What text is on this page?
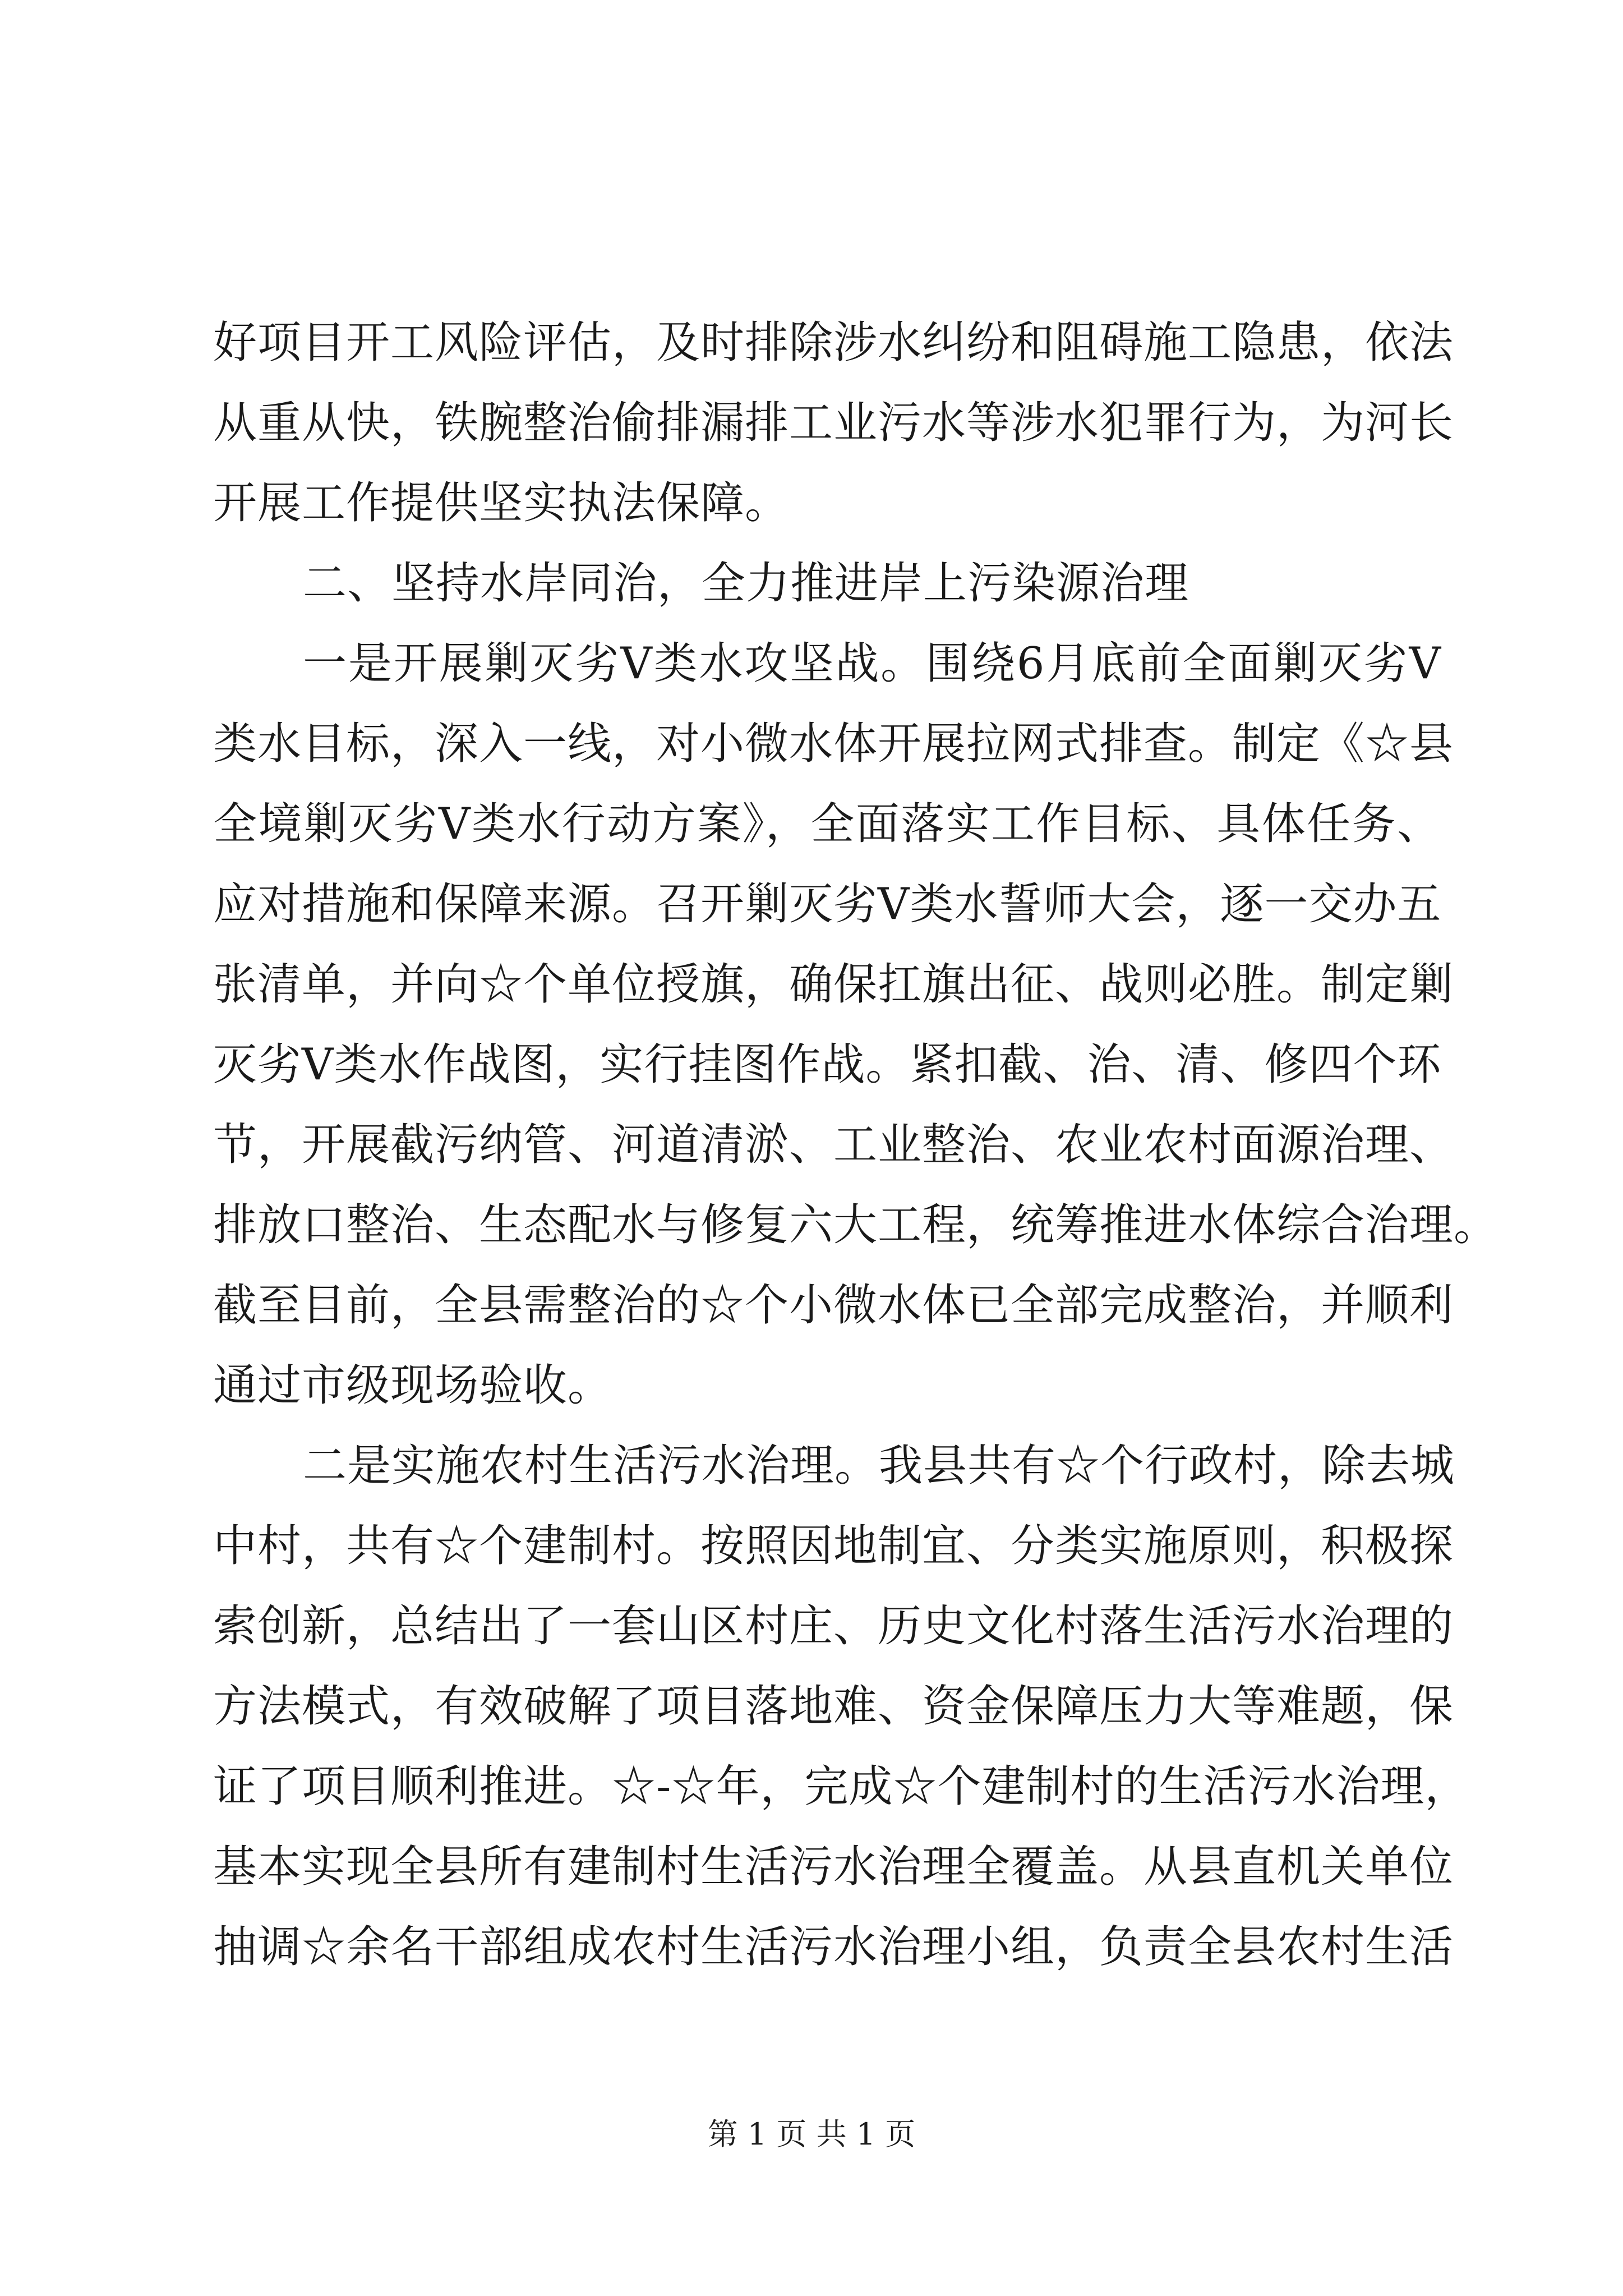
好项目开工风险评估，及时排除涉水纠纷和阻碍施工隐患，依法
从重从快，铁腕整治偷排漏排工业污水等涉水犯罪行为，为河长
开展工作提供坚实执法保障。
二、坚持水岸同治，全力推进岸上污染源治理
一是开展剿灭劣Ⅴ类水攻坚战。围绕6月底前全面剿灭劣Ⅴ
类水目标，深入一线，对小微水体开展拉网式排查。制定《☆县
全境剿灭劣Ⅴ类水行动方案》，全面落实工作目标、具体任务、
应对措施和保障来源。召开剿灭劣Ⅴ类水誓师大会，逐一交办五
张清单，并向☆个单位授旗，确保扛旗出征、战则必胜。制定剿
灭劣Ⅴ类水作战图，实行挂图作战。紧扣截、治、清、修四个环
节，开展截污纳管、河道清淤、工业整治、农业农村面源治理、
排放口整治、生态配水与修复六大工程，统筹推进水体综合治理。
截至目前，全县需整治的☆个小微水体已全部完成整治，并顺利
通过市级现场验收。
二是实施农村生活污水治理。我县共有☆个行政村，除去城
中村，共有☆个建制村。按照因地制宜、分类实施原则，积极探
索创新，总结出了一套山区村庄、历史文化村落生活污水治理的
方法模式，有效破解了项目落地难、资金保障压力大等难题，保
证了项目顺利推进。☆-☆年，完成☆个建制村的生活污水治理，
基本实现全县所有建制村生活污水治理全覆盖。从县直机关单位
抽调☆余名干部组成农村生活污水治理小组，负责全县农村生活
第 1 页 共 1 页
